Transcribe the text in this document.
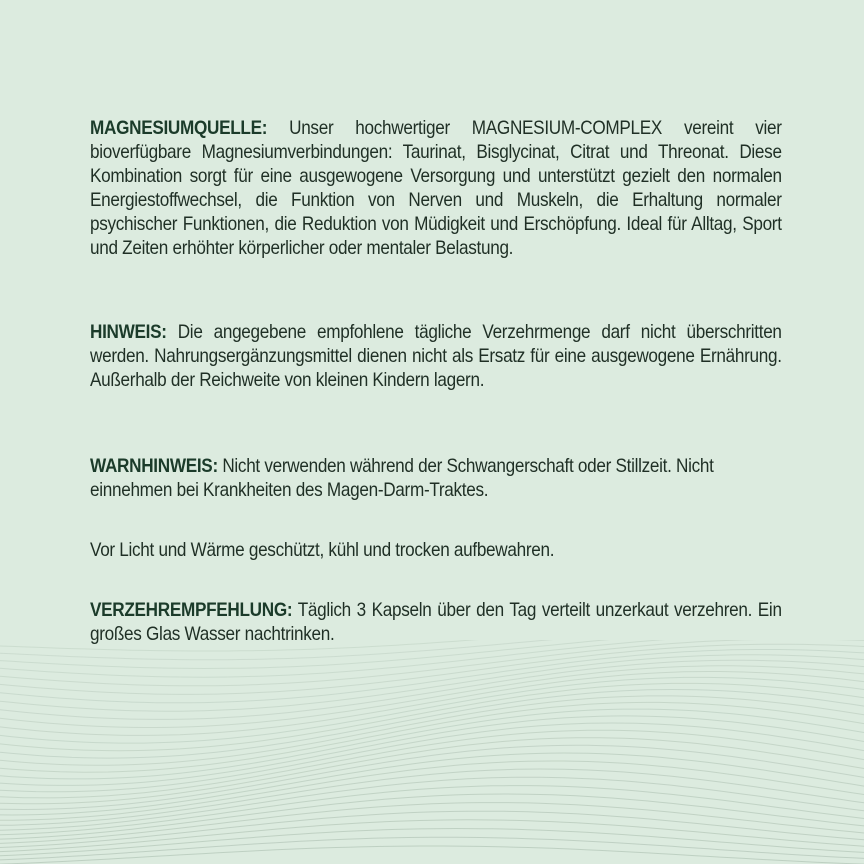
MAGNESIUMQUELLE: Unser hochwertiger MAGNESIUM-COMPLEX vereint vier bioverfügbare Magnesiumverbindungen: Taurinat, Bisglycinat, Citrat und Threonat. Diese Kombination sorgt für eine ausgewogene Versorgung und unterstützt gezielt den normalen Energiestoffwechsel, die Funktion von Nerven und Muskeln, die Erhaltung normaler psychischer Funktionen, die Reduktion von Müdigkeit und Erschöpfung. Ideal für Alltag, Sport und Zeiten erhöhter körperlicher oder mentaler Belastung.

HINWEIS: Die angegebene empfohlene tägliche Verzehrmenge darf nicht überschritten werden. Nahrungsergänzungsmittel dienen nicht als Ersatz für eine ausgewogene Ernährung. Außerhalb der Reichweite von kleinen Kindern lagern.

WARNHINWEIS: Nicht verwenden während der Schwangerschaft oder Stillzeit. Nicht einnehmen bei Krankheiten des Magen-Darm-Traktes.

Vor Licht und Wärme geschützt, kühl und trocken aufbewahren.

VERZEHREMPFEHLUNG: Täglich 3 Kapseln über den Tag verteilt unzerkaut verzehren. Ein großes Glas Wasser nachtrinken.
